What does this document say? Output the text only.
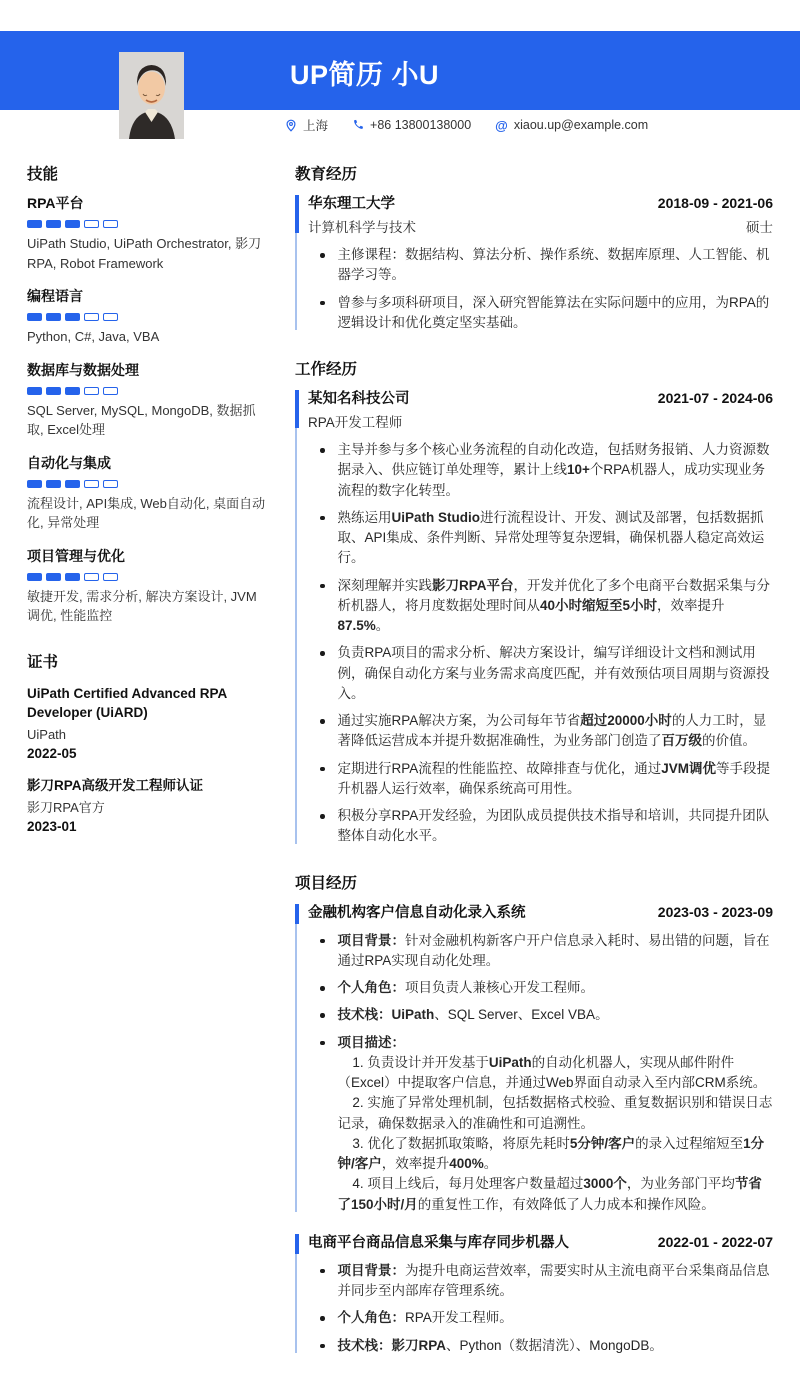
UP简历 小U
上海	+86 13800138000 @ xiaou.up@example.com
技能
RPA平台
UiPath Studio, UiPath Orchestrator, 影刀RPA, Robot Framework
编程语言
Python, C#, Java, VBA
数据库与数据处理
SQL Server, MySQL, MongoDB, 数据抓取, Excel处理
自动化与集成
流程设计, API集成, Web自动化, 桌面自动化, 异常处理
项目管理与优化
敏捷开发, 需求分析, 解决方案设计, JVM调优, 性能监控
证书
UiPath Certified Advanced RPA Developer (UiARD)
UiPath
2022-05
影刀RPA高级开发工程师认证
影刀RPA官方
2023-01
教育经历
华东理工大学	2018-09 - 2021-06
计算机科学与技术	硕士
主修课程：数据结构、算法分析、操作系统、数据库原理、人工智能、机器学习等。
曾参与多项科研项目，深入研究智能算法在实际问题中的应用，为RPA的逻辑设计和优化奠定坚实基础。
工作经历
某知名科技公司	2021-07 - 2024-06
RPA开发工程师
主导并参与多个核心业务流程的自动化改造，包括财务报销、人力资源数据录入、供应链订单处理等，累计上线10+个RPA机器人，成功实现业务流程的数字化转型。
熟练运用UiPath Studio进行流程设计、开发、测试及部署，包括数据抓取、API集成、条件判断、异常处理等复杂逻辑，确保机器人稳定高效运行。
深刻理解并实践影刀RPA平台，开发并优化了多个电商平台数据采集与分析机器人，将月度数据处理时间从40小时缩短至5小时，效率提升87.5%。
负责RPA项目的需求分析、解决方案设计，编写详细设计文档和测试用例，确保自动化方案与业务需求高度匹配，并有效预估项目周期与资源投入。
通过实施RPA解决方案，为公司每年节省超过20000小时的人力工时，显著降低运营成本并提升数据准确性，为业务部门创造了百万级的价值。
定期进行RPA流程的性能监控、故障排查与优化，通过JVM调优等手段提升机器人运行效率，确保系统高可用性。
积极分享RPA开发经验，为团队成员提供技术指导和培训，共同提升团队整体自动化水平。
项目经历
金融机构客户信息自动化录入系统	2023-03 - 2023-09
项目背景：针对金融机构新客户开户信息录入耗时、易出错的问题，旨在通过RPA实现自动化处理。
个人角色：项目负责人兼核心开发工程师。
技术栈：UiPath、SQL Server、Excel VBA。
项目描述：
1. 负责设计并开发基于UiPath的自动化机器人，实现从邮件附件（Excel）中提取客户信息，并通过Web界面自动录入至内部CRM系统。
2. 实施了异常处理机制，包括数据格式校验、重复数据识别和错误日志记录，确保数据录入的准确性和可追溯性。
3. 优化了数据抓取策略，将原先耗时5分钟/客户的录入过程缩短至1分钟/客户，效率提升400%。
4. 项目上线后，每月处理客户数量超过3000个，为业务部门平均节省了150小时/月的重复性工作，有效降低了人力成本和操作风险。
电商平台商品信息采集与库存同步机器人	2022-01 - 2022-07
项目背景：为提升电商运营效率，需要实时从主流电商平台采集商品信息并同步至内部库存管理系统。
个人角色：RPA开发工程师。
技术栈：影刀RPA、Python（数据清洗）、MongoDB。
